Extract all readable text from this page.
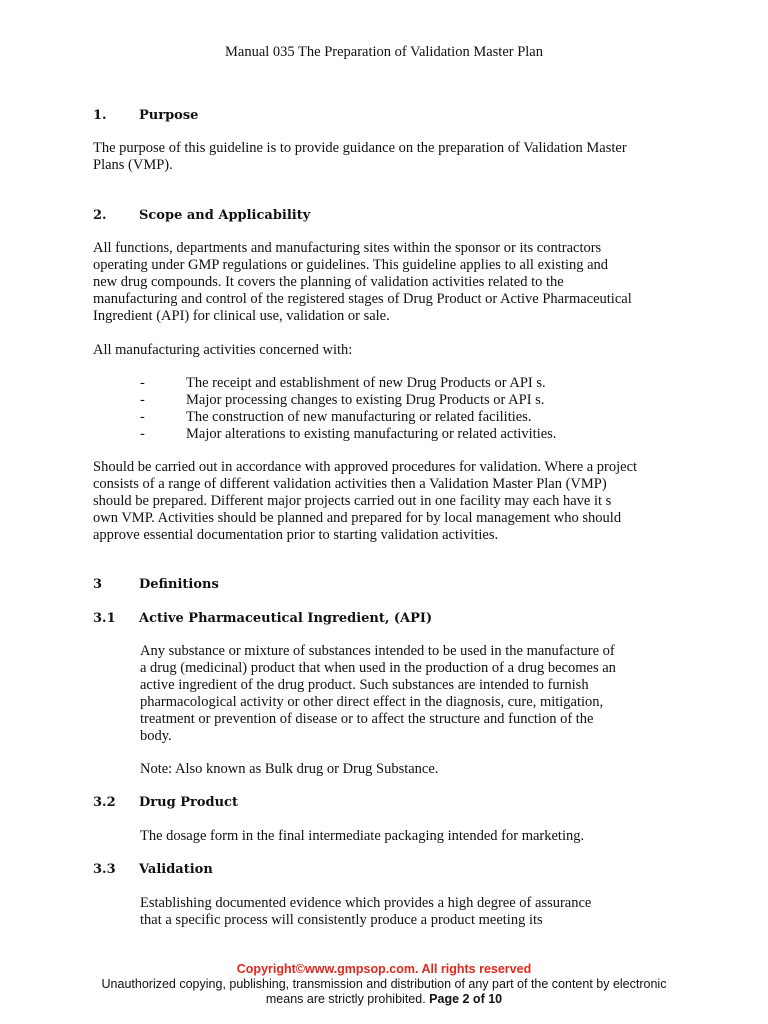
Manual 035 The Preparation of Validation Master Plan
1. Purpose
The purpose of this guideline is to provide guidance on the preparation of Validation Master
Plans (VMP).
2. Scope and Applicability
All functions, departments and manufacturing sites within the sponsor or its contractors
operating under GMP regulations or guidelines. This guideline applies to all existing and
new drug compounds. It covers the planning of validation activities related to the
manufacturing and control of the registered stages of Drug Product or Active Pharmaceutical
Ingredient (API) for clinical use, validation or sale.
All manufacturing activities concerned with:
-	The receipt and establishment of new Drug Products or API s.
-	Major processing changes to existing Drug Products or API s.
-	The construction of new manufacturing or related facilities.
-	Major alterations to existing manufacturing or related activities.
Should be carried out in accordance with approved procedures for validation. Where a project
consists of a range of different validation activities then a Validation Master Plan (VMP)
should be prepared. Different major projects carried out in one facility may each have it s
own VMP. Activities should be planned and prepared for by local management who should
approve essential documentation prior to starting validation activities.
3	Definitions
3.1 Active Pharmaceutical Ingredient, (API)
Any substance or mixture of substances intended to be used in the manufacture of
a drug (medicinal) product that when used in the production of a drug becomes an
active ingredient of the drug product. Such substances are intended to furnish
pharmacological activity or other direct effect in the diagnosis, cure, mitigation,
treatment or prevention of disease or to affect the structure and function of the
body.
Note: Also known as Bulk drug or Drug Substance.
3.2 Drug Product
The dosage form in the final intermediate packaging intended for marketing.
3.3 Validation
Establishing documented evidence which provides a high degree of assurance
that a specific process will consistently produce a product meeting its
Copyright©www.gmpsop.com. All rights reserved
Unauthorized copying, publishing, transmission and distribution of any part of the content by electronic
means are strictly prohibited. Page 2 of 10
